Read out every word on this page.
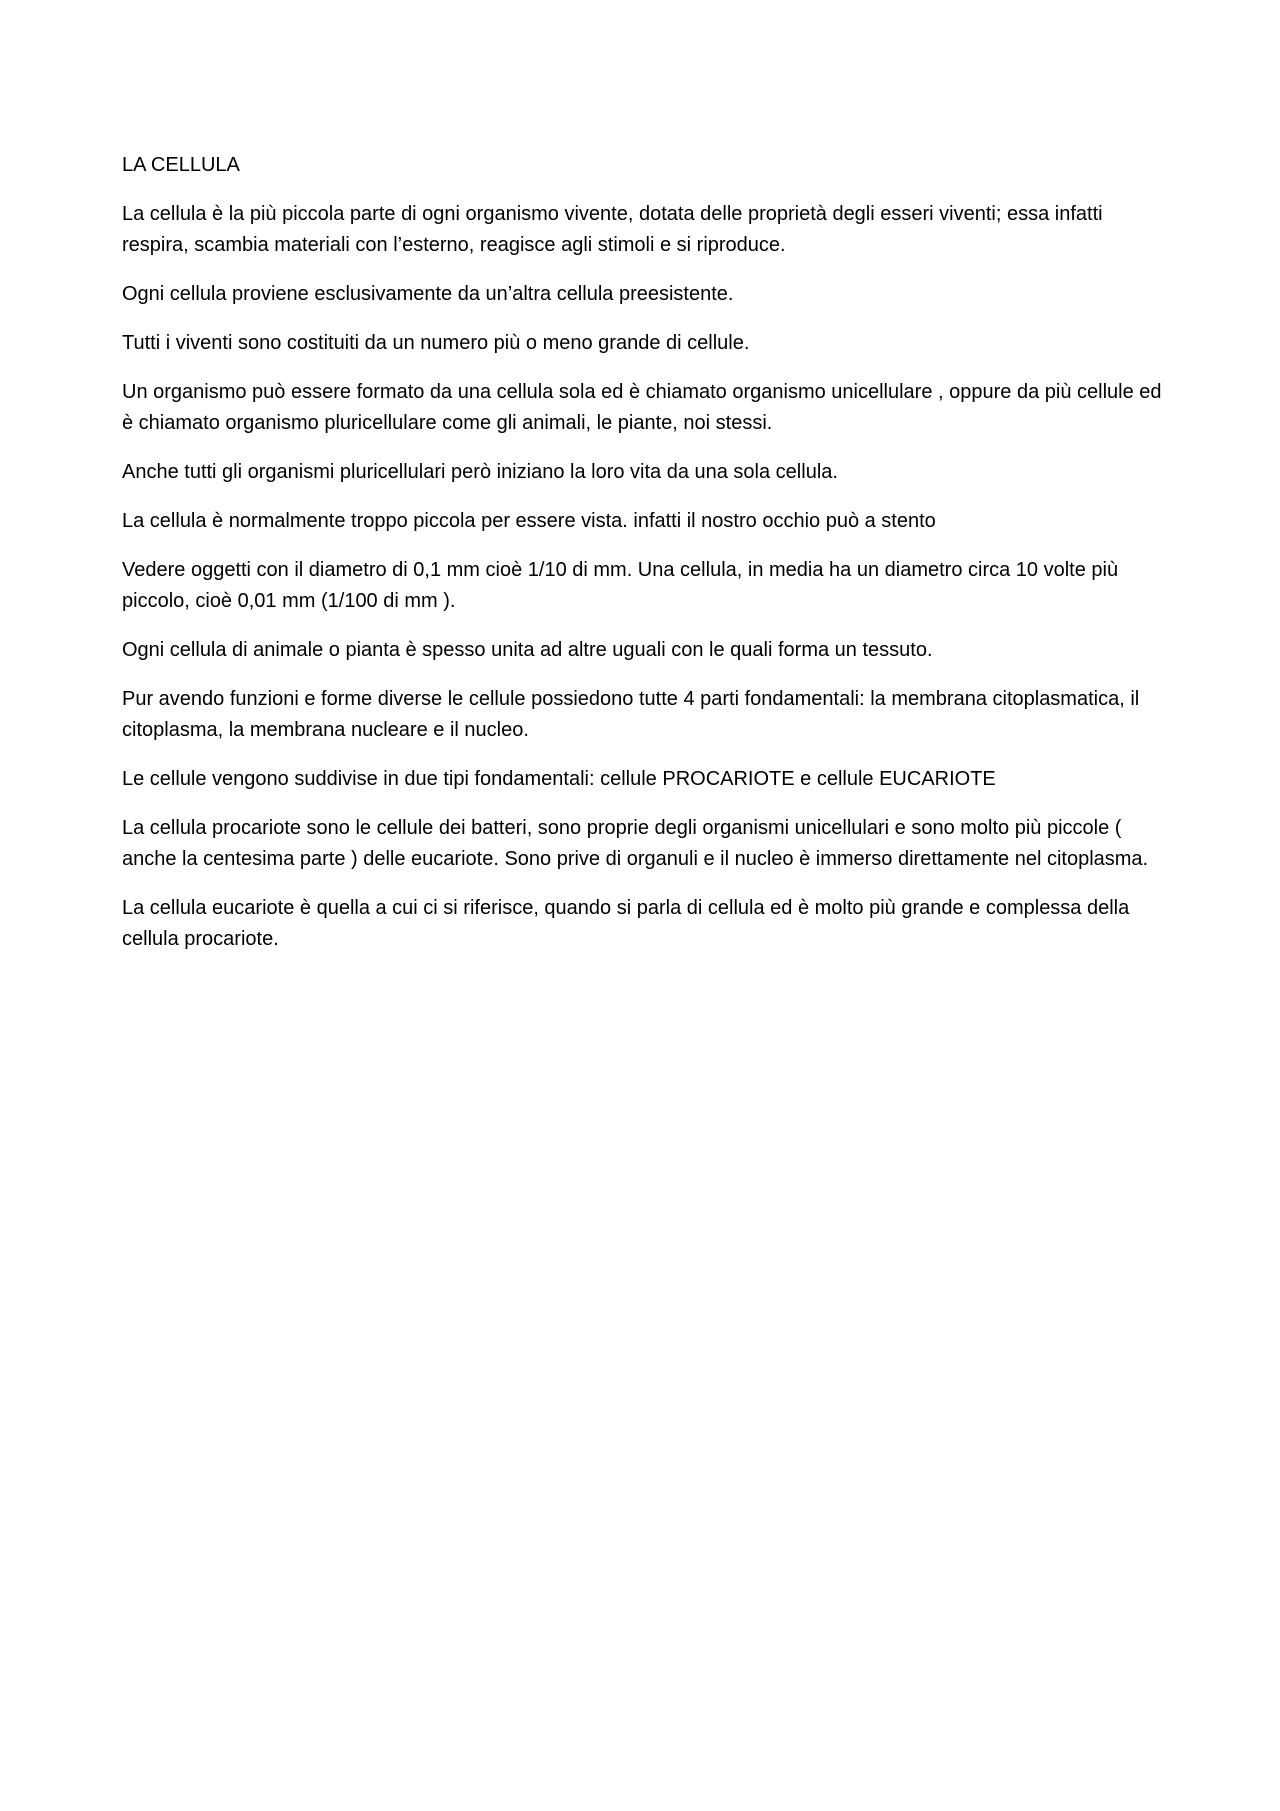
LA CELLULA

La cellula è la più piccola parte di ogni organismo vivente, dotata delle proprietà degli esseri viventi; essa infatti respira, scambia materiali con l’esterno, reagisce agli stimoli e si riproduce.

Ogni cellula proviene esclusivamente da un’altra cellula preesistente.

Tutti i viventi sono costituiti da un numero più o meno grande di cellule.

Un organismo può essere formato da una cellula sola ed è chiamato organismo unicellulare , oppure da più cellule ed è chiamato organismo pluricellulare come gli animali, le piante, noi stessi.

Anche tutti gli organismi pluricellulari però iniziano la loro vita da una sola cellula.

La cellula è normalmente troppo piccola per essere vista. infatti il nostro occhio può a stento

Vedere oggetti con il diametro di 0,1 mm cioè 1/10 di mm. Una cellula, in media ha un diametro circa 10 volte più piccolo, cioè 0,01 mm (1/100 di mm ).

Ogni cellula di animale o pianta è spesso unita ad altre uguali con le quali forma un tessuto.

Pur avendo funzioni e forme diverse le cellule possiedono tutte 4 parti fondamentali: la membrana citoplasmatica, il citoplasma, la membrana nucleare e il nucleo.

Le cellule vengono suddivise in due tipi fondamentali: cellule PROCARIOTE e cellule EUCARIOTE

La cellula procariote sono le cellule dei batteri, sono proprie degli organismi unicellulari e sono molto più piccole ( anche la centesima parte ) delle eucariote. Sono prive di organuli e il nucleo è immerso direttamente nel citoplasma.

La cellula eucariote è quella a cui ci si riferisce, quando si parla di cellula ed è molto più grande e complessa della cellula procariote.
